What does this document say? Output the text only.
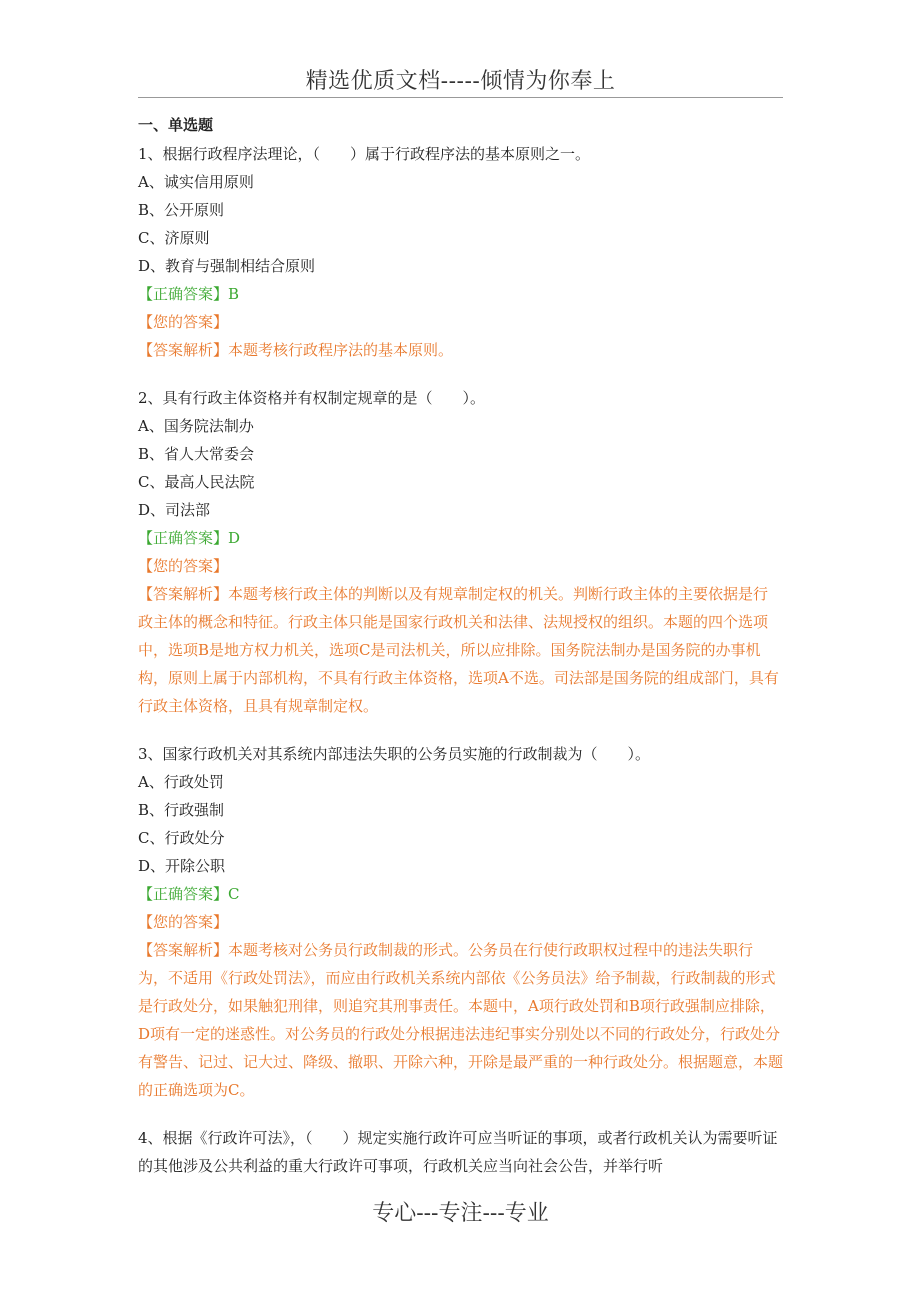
精选优质文档-----倾情为你奉上
一、单选题
1、根据行政程序法理论，（　　）属于行政程序法的基本原则之一。
A、诚实信用原则
B、公开原则
C、济原则
D、教育与强制相结合原则
【正确答案】B
【您的答案】
【答案解析】本题考核行政程序法的基本原则。
2、具有行政主体资格并有权制定规章的是（　　）。
A、国务院法制办
B、省人大常委会
C、最高人民法院
D、司法部
【正确答案】D
【您的答案】
【答案解析】本题考核行政主体的判断以及有规章制定权的机关。判断行政主体的主要依据是行政主体的概念和特征。行政主体只能是国家行政机关和法律、法规授权的组织。本题的四个选项中，选项B是地方权力机关，选项C是司法机关，所以应排除。国务院法制办是国务院的办事机构，原则上属于内部机构，不具有行政主体资格，选项A不选。司法部是国务院的组成部门，具有行政主体资格，且具有规章制定权。
3、国家行政机关对其系统内部违法失职的公务员实施的行政制裁为（　　）。
A、行政处罚
B、行政强制
C、行政处分
D、开除公职
【正确答案】C
【您的答案】
【答案解析】本题考核对公务员行政制裁的形式。公务员在行使行政职权过程中的违法失职行为，不适用《行政处罚法》，而应由行政机关系统内部依《公务员法》给予制裁，行政制裁的形式是行政处分，如果触犯刑律，则追究其刑事责任。本题中，A项行政处罚和B项行政强制应排除，D项有一定的迷惑性。对公务员的行政处分根据违法违纪事实分别处以不同的行政处分，行政处分有警告、记过、记大过、降级、撤职、开除六种，开除是最严重的一种行政处分。根据题意，本题的正确选项为C。
4、根据《行政许可法》，（　　）规定实施行政许可应当听证的事项，或者行政机关认为需要听证的其他涉及公共利益的重大行政许可事项，行政机关应当向社会公告，并举行听
专心---专注---专业
